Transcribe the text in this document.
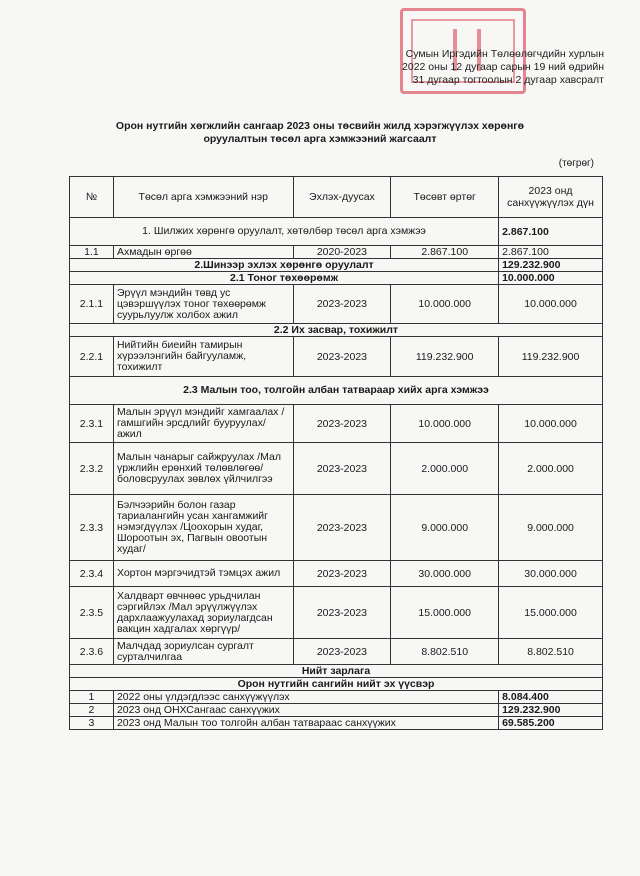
Сумын Иргэдийн Төлөөлөгчдийн хурлын
2022 оны 12 дугаар сарын 19 ний өдрийн
31 дугаар тогтоолын 2 дугаар хавсралт
Орон нутгийн хөгжлийн сангаар 2023 оны төсвийн жилд хэрэгжүүлэх хөрөнгө
оруулалтын төсөл арга хэмжээний жагсаалт
(төгрөг)
№	Төсөл арга хэмжээний нэр	Эхлэх-дуусах	Төсөвт өртөг	2023 онд санхүүжүүлэх дүн
1. Шилжих хөрөнгө оруулалт, хөтөлбөр төсөл арга хэмжээ				2.867.100
1.1	Ахмадын өргөө	2020-2023	2.867.100	2.867.100
2.Шинээр эхлэх хөрөнгө оруулалт				129.232.900
2.1 Тоног төхөөрөмж				10.000.000
2.1.1	Эрүүл мэндийн төвд ус цэвэршүүлэх тоног төхөөрөмж суурьлуулж холбох ажил	2023-2023	10.000.000	10.000.000
2.2 Их засвар, тохижилт				
2.2.1	Нийтийн биеийн тамирын хүрээлэнгийн байгууламж, тохижилт	2023-2023	119.232.900	119.232.900
2.3 Малын тоо, толгойн албан татвараар хийх арга хэмжээ				
2.3.1	Малын эрүүл мэндийг хамгаалах /гамшгийн эрсдлийг бууруулах/ ажил	2023-2023	10.000.000	10.000.000
2.3.2	Малын чанарыг сайжруулах /Мал үржлийн ерөнхий төлөвлөгөө/ боловсруулах зөвлөх үйлчилгээ	2023-2023	2.000.000	2.000.000
2.3.3	Бэлчээрийн болон газар тариалангийн усан хангамжийг нэмэгдүүлэх /Цоохорын худаг, Шороотын эх, Пагвын овоотын худаг/	2023-2023	9.000.000	9.000.000
2.3.4	Хортон мэргэчидтэй тэмцэх ажил	2023-2023	30.000.000	30.000.000
2.3.5	Халдварт өвчнөөс урьдчилан сэргийлэх /Мал эрүүлжүүлэх дархлаажуулахад зориулагдсан вакцин хадгалах хөргүүр/	2023-2023	15.000.000	15.000.000
2.3.6	Малчдад зориулсан сургалт сурталчилгаа	2023-2023	8.802.510	8.802.510
Нийт зарлага				
Орон нутгийн сангийн нийт эх үүсвэр				
1	2022 оны үлдэгдлээс санхүүжүүлэх			8.084.400
2	2023 онд ОНХСангаас санхүүжих			129.232.900
3	2023 онд Малын тоо толгойн албан татвараас санхүүжих			69.585.200
